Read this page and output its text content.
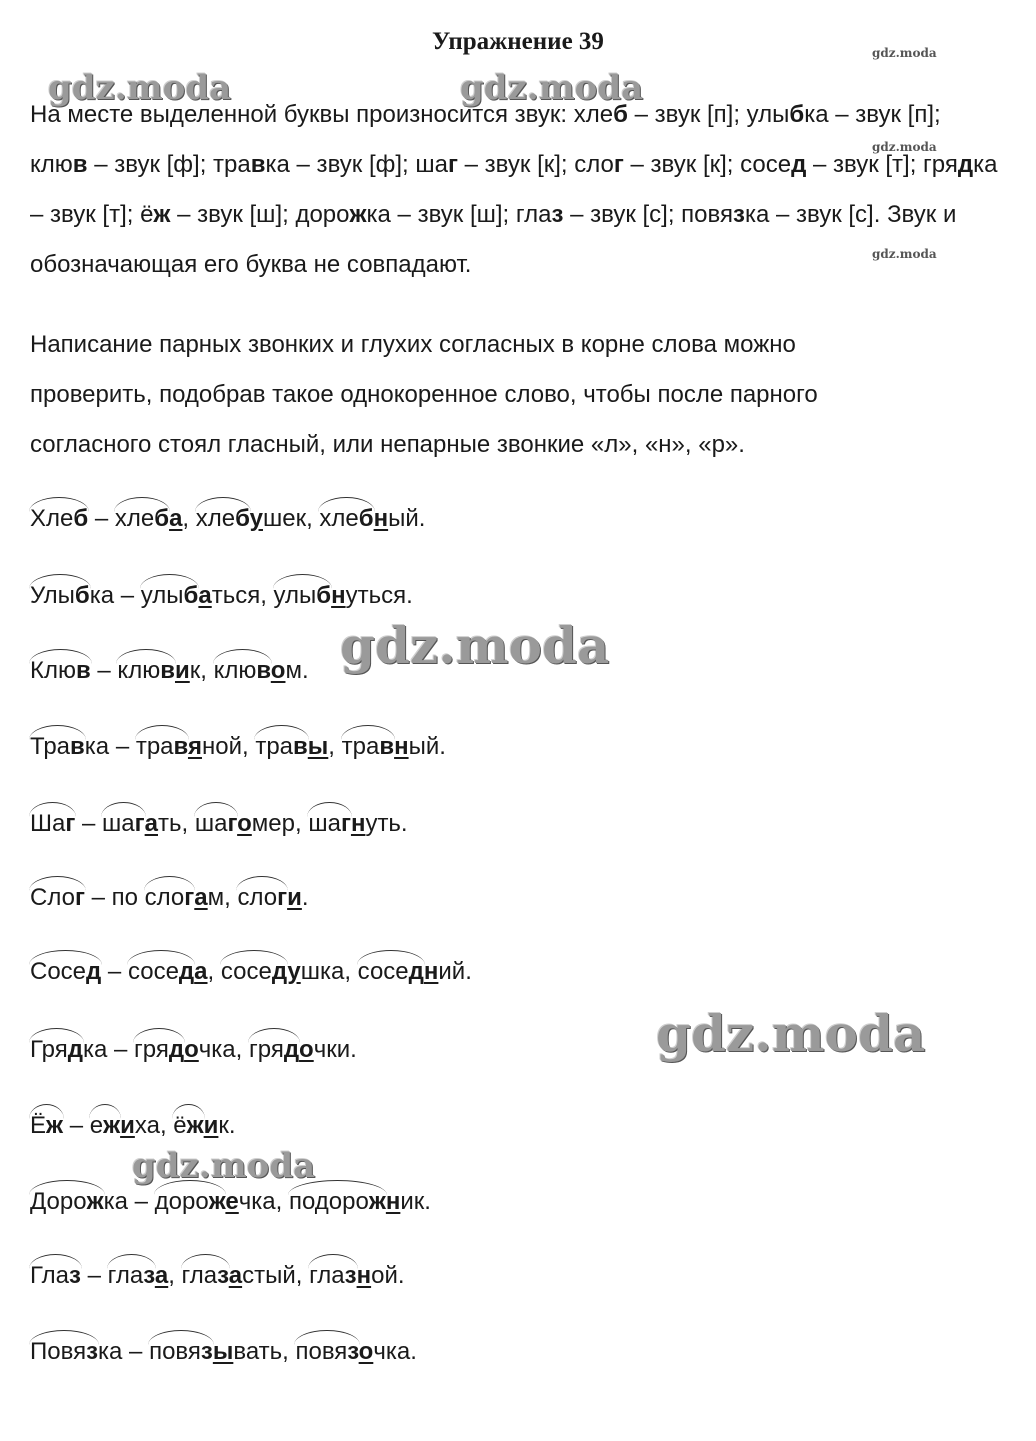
Упражнение 39	gdz.moda
gdz.moda
gdz.moda
На месте выделенной буквы произносится звук: хлеб – звук [п]; улыбка – звук [п]; клюв – звук [ф]; травка – звук [ф]; шаг – звук [к]; слог – звук [к]; сосед – звук [т]; грядка – звук [т]; ёж – звук [ш]; дорожка – звук [ш]; глаз – звук [с]; повязка – звук [с]. Звук и обозначающая его буква не совпадают.
Написание парных звонких и глухих согласных в корне слова можно проверить, подобрав такое однокоренное слово, чтобы после парного согласного стоял гласный, или непарные звонкие «л», «н», «р».
Хлеб – хлеба, хлебушек, хлебный.
Улыбка – улыбаться, улыбнуться.
Клюв – клювик, клювом.
Травка – травяной, травы, травный.
Шаг – шагать, шагомер, шагнуть.
Слог – по слогам, слоги.
Сосед – соседа, соседушка, соседний.
Грядка – грядочка, грядочки.
Ёж – ежиха, ёжик.
Дорожка – дорожечка, подорожник.
Глаз – глаза, глазастый, глазной.
Повязка – повязывать, повязочка.
gdz.moda	gdz.moda
gdz.moda
gdz.moda
gdz.moda
